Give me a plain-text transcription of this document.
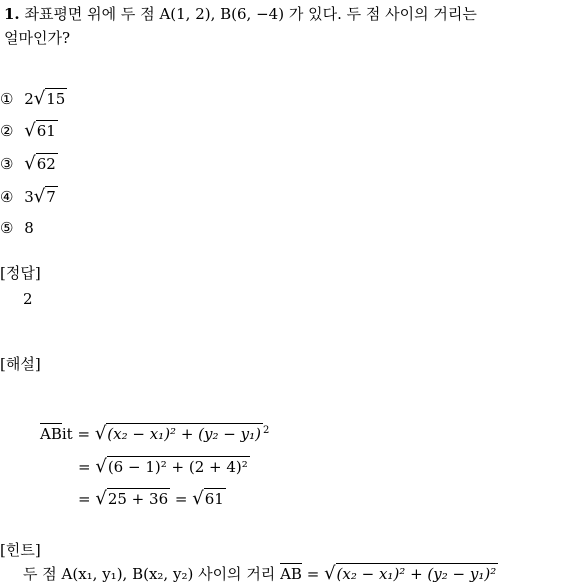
1. 좌표평면 위에 두 점 A(1, 2), B(6, −4) 가 있다. 두 점 사이의 거리는
얼마인가?
① 2 √ 15
② √ 61
③ √ 62
④ 3 √ 7
⑤ 8
[정답]
2
[해설]
ABit = √ (x₂ − x₁)² + (y₂ − y₁) $^2$
= √ (6 − 1)² + (2 + 4)²
= √ 25 + 36 = √ 61
[힌트]
두 점 A(x₁, y₁), B(x₂, y₂) 사이의 거리 AB = √ (x₂ − x₁)² + (y₂ − y₁)²
